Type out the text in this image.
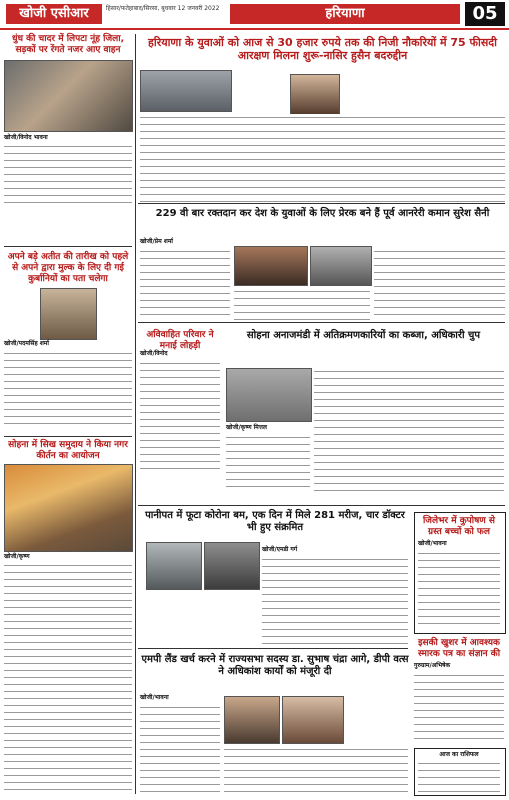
खोजी एसीआर	हिसार/फतेहाबाद/सिरसा, बुधवार 12 जनवरी 2022	हरियाणा	05
धुंध की चादर में लिपटा नूंह जिला, सड़कों पर रेंगते नजर आए वाहन
खोजी/विनोद भावना
अपने बड़े अतीत की तारीख को पहले से अपने द्वारा मुल्क के लिए दी गई कुर्बानियों का पता चलेगा
खोजी/पदमसिंह शर्मा
सोहना में सिख समुदाय ने किया नगर कीर्तन का आयोजन
खोजी/कृष्ण
हरियाणा के युवाओं को आज से 30 हजार रुपये तक की निजी नौकरियों में 75 फीसदी आरक्षण मिलना शुरू-नासिर हुसैन बदरुद्दीन
229 वी बार रक्तदान कर देश के युवाओं के लिए प्रेरक बने हैं पूर्व आनरेरी कमान सुरेश सैनी
खोजी/प्रेम शर्मा
अविवाहित परिवार ने मनाई लोहड़ी
खोजी/विनोद
सोहना अनाजमंडी में अतिक्रमणकारियों का कब्जा, अधिकारी चुप
खोजी/कृष्ण मित्तल
पानीपत में फूटा कोरोना बम, एक दिन में मिले 281 मरीज, चार डॉक्टर भी हुए संक्रमित
खोजी/एमडी गर्ग
जिलेभर में कुपोषण से ग्रस्त बच्चों को फल
खोजी/भावना
इसकी खुशर में आवश्यक स्मारक पत्र का संज्ञान की
गुरुग्राम/अभिषेक
एमपी लैंड खर्च करने में राज्यसभा सदस्य डा. सुभाष चंद्रा आगे, डीपी वत्स ने अधिकांश कार्यों को मंजूरी दी
खोजी/भावना
आज का राशिफल
